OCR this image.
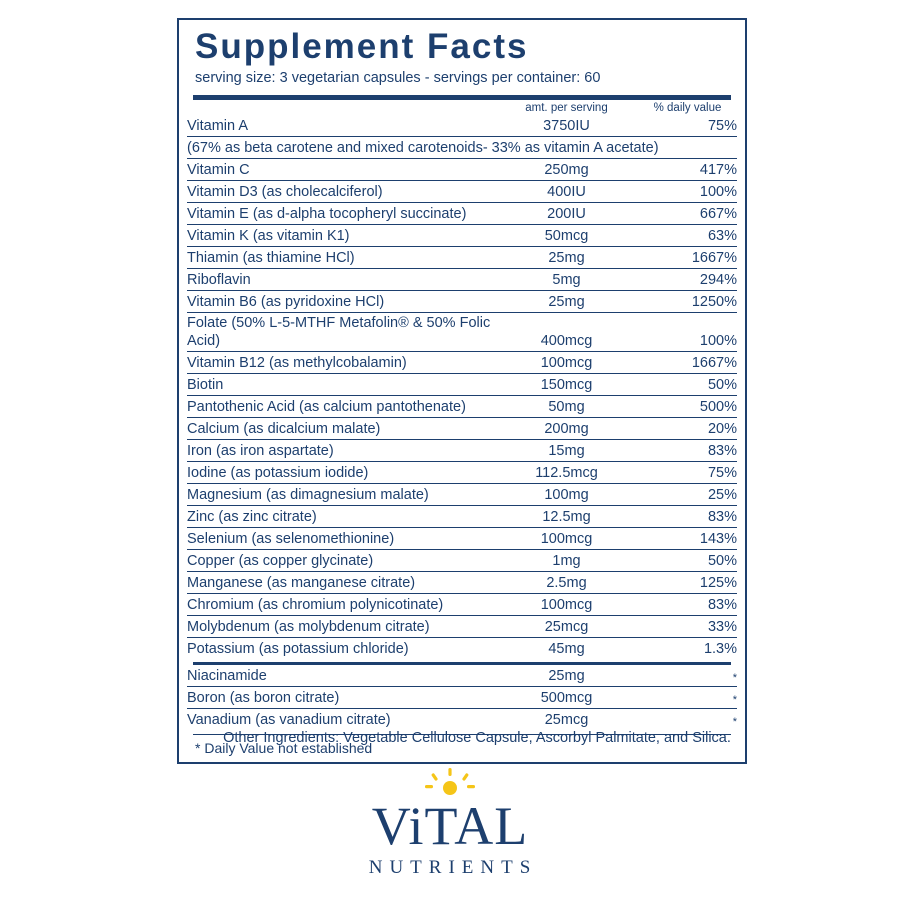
Supplement Facts
serving size: 3 vegetarian capsules - servings per container: 60
	amt. per serving	% daily value
Vitamin A	3750IU	75%
(67% as beta carotene and mixed carotenoids- 33% as vitamin A acetate)		
Vitamin C	250mg	417%
Vitamin D3 (as cholecalciferol)	400IU	100%
Vitamin E (as d-alpha tocopheryl succinate)	200IU	667%
Vitamin K (as vitamin K1)	50mcg	63%
Thiamin (as thiamine HCl)	25mg	1667%
Riboflavin	5mg	294%
Vitamin B6 (as pyridoxine HCl)	25mg	1250%
Folate (50% L-5-MTHF Metafolin® & 50% Folic Acid)	400mcg	100%
Vitamin B12 (as methylcobalamin)	100mcg	1667%
Biotin	150mcg	50%
Pantothenic Acid (as calcium pantothenate)	50mg	500%
Calcium (as dicalcium malate)	200mg	20%
Iron (as iron aspartate)	15mg	83%
Iodine (as potassium iodide)	112.5mcg	75%
Magnesium (as dimagnesium malate)	100mg	25%
Zinc (as zinc citrate)	12.5mg	83%
Selenium (as selenomethionine)	100mcg	143%
Copper (as copper glycinate)	1mg	50%
Manganese (as manganese citrate)	2.5mg	125%
Chromium (as chromium polynicotinate)	100mcg	83%
Molybdenum (as molybdenum citrate)	25mcg	33%
Potassium (as potassium chloride)	45mg	1.3%
Niacinamide	25mg	*
Boron (as boron citrate)	500mcg	*
Vanadium (as vanadium citrate)	25mcg	*
* Daily Value not established
Other Ingredients: Vegetable Cellulose Capsule, Ascorbyl Palmitate, and Silica.
ViTAL
NUTRIENTS
